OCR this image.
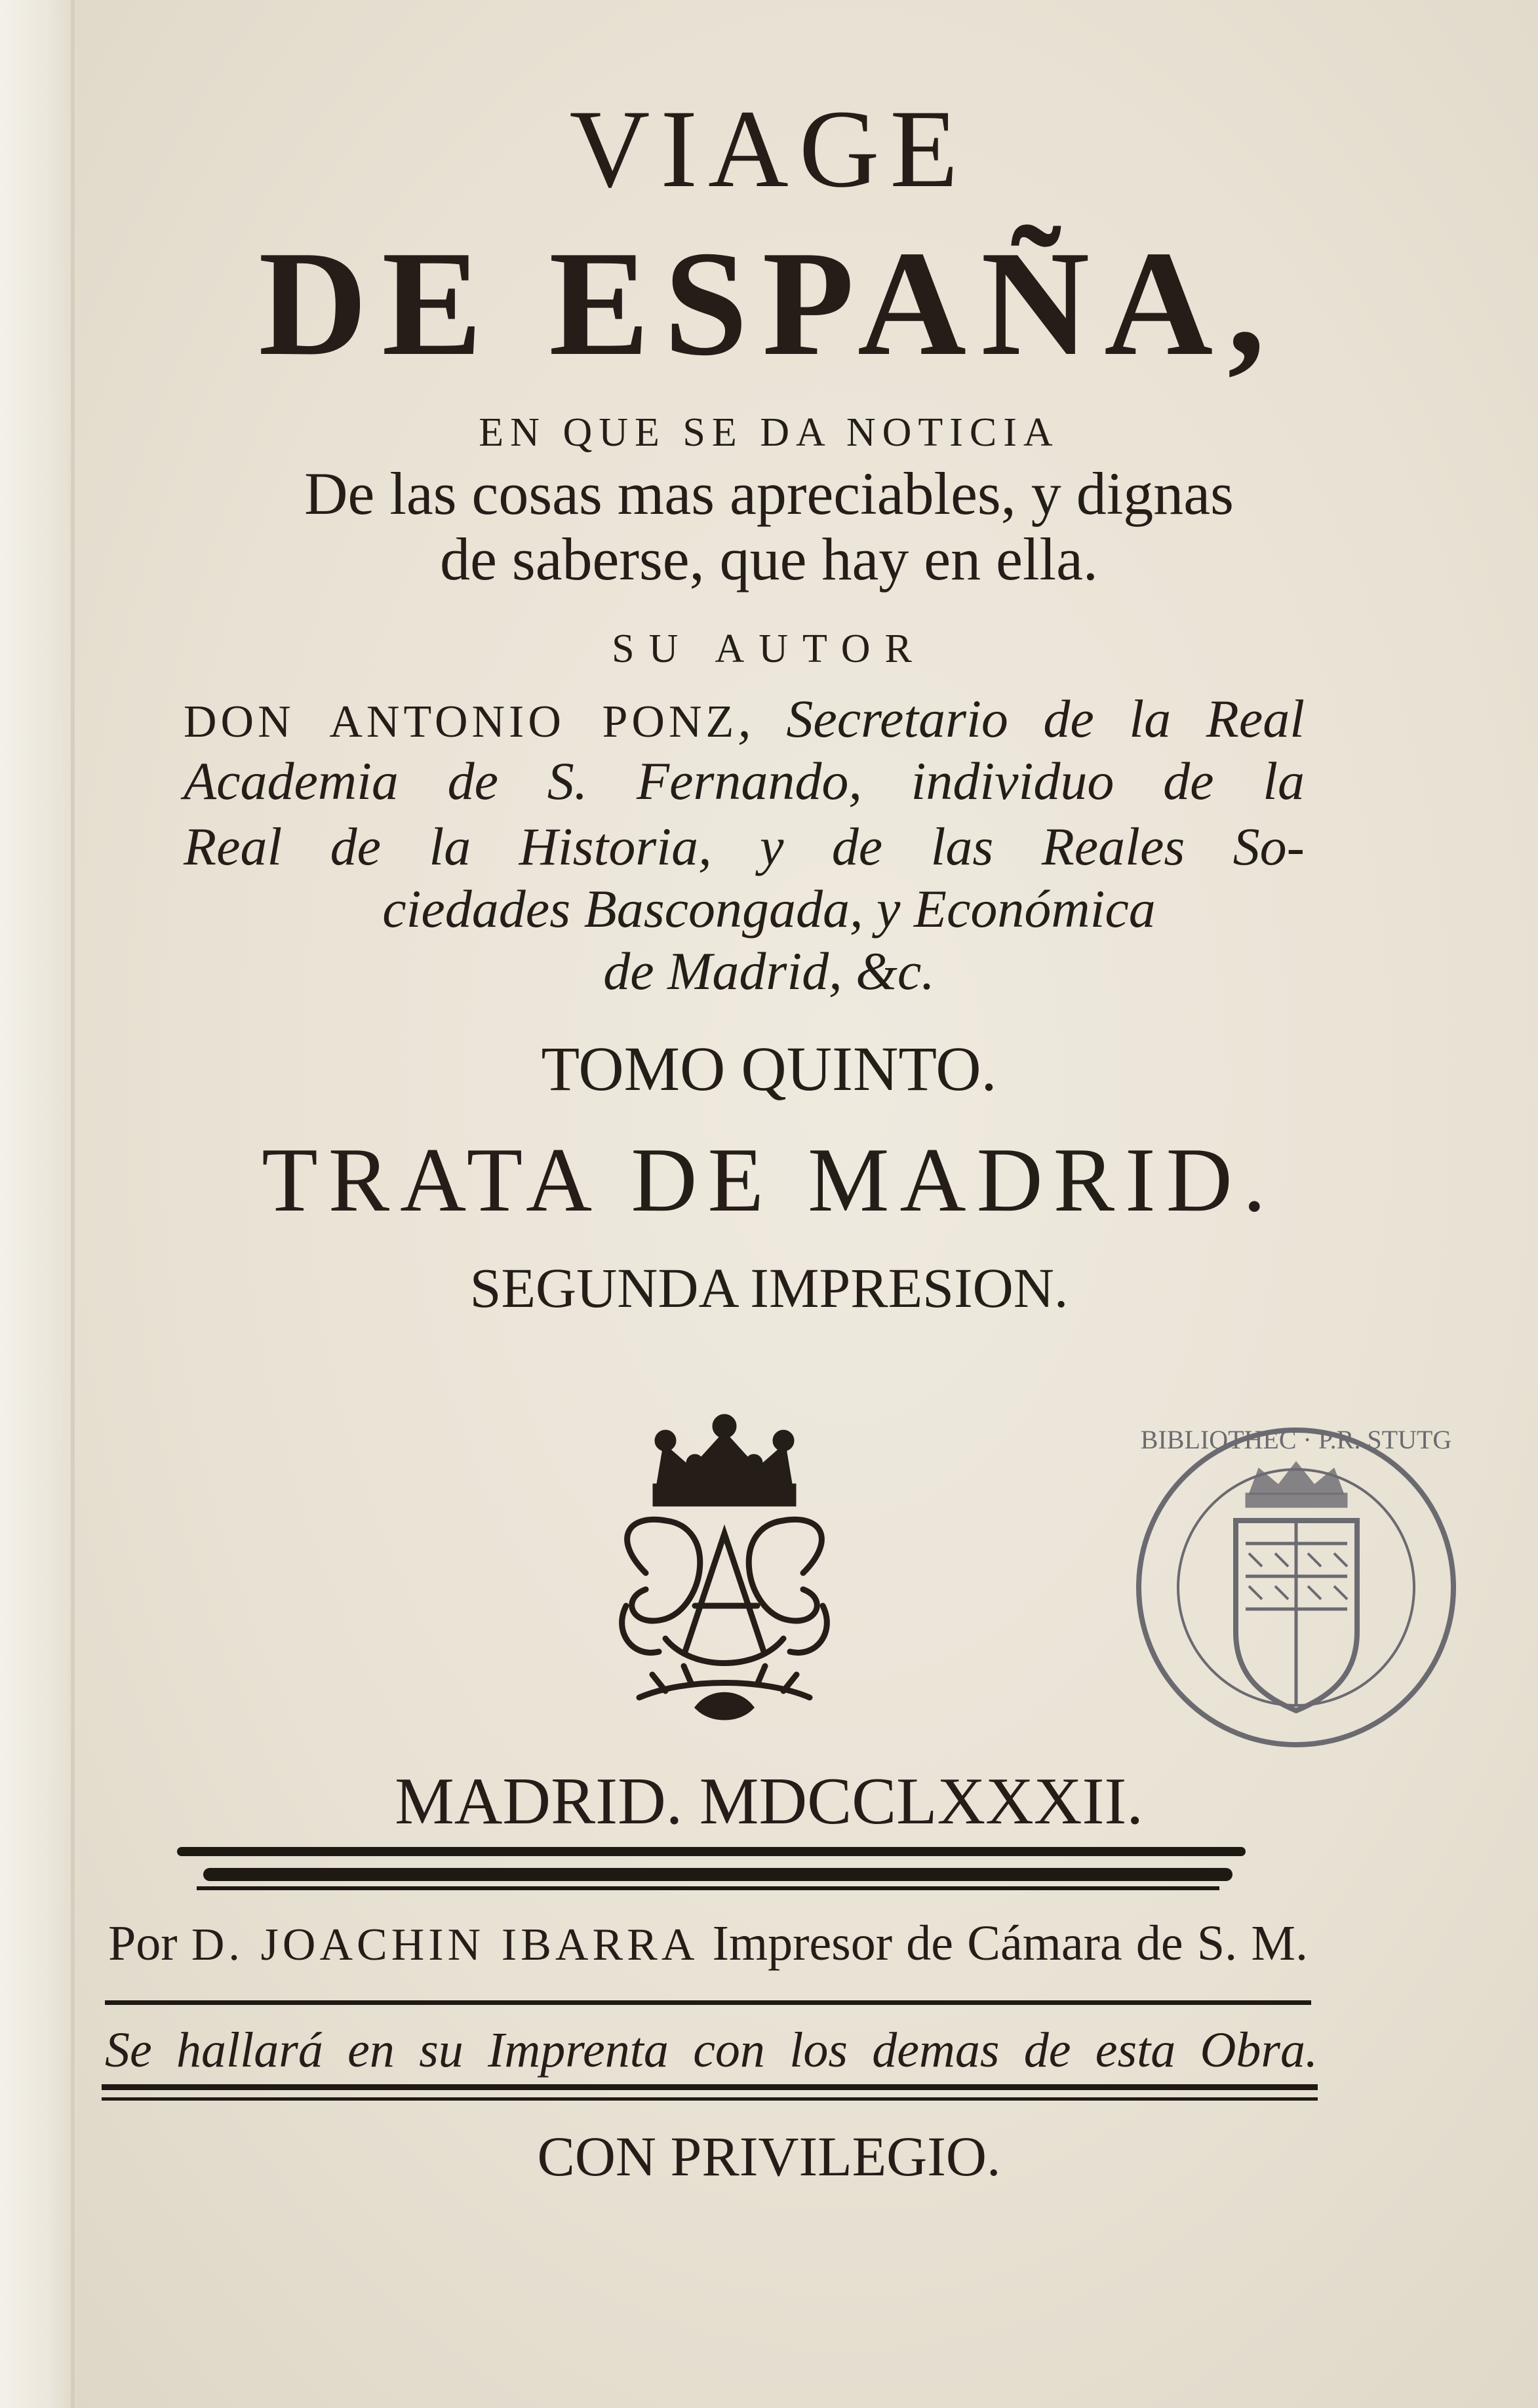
VIAGE
DE ESPAÑA,
EN QUE SE DA NOTICIA
De las cosas mas apreciables, y dignas
de saberse, que hay en ella.
SU AUTOR
DON ANTONIO PONZ, Secretario de la Real
Academia de S. Fernando, individuo de la
Real de la Historia, y de las Reales So-
ciedades Bascongada, y Económica
de Madrid, &c.
TOMO QUINTO.
TRATA DE MADRID.
SEGUNDA IMPRESION.
BIBLIOTHEC · P.R. STUTG
MADRID. MDCCLXXXII.
Por D. JOACHIN IBARRA Impresor de Cámara de S. M.
Se hallará en su Imprenta con los demas de esta Obra.
CON PRIVILEGIO.
